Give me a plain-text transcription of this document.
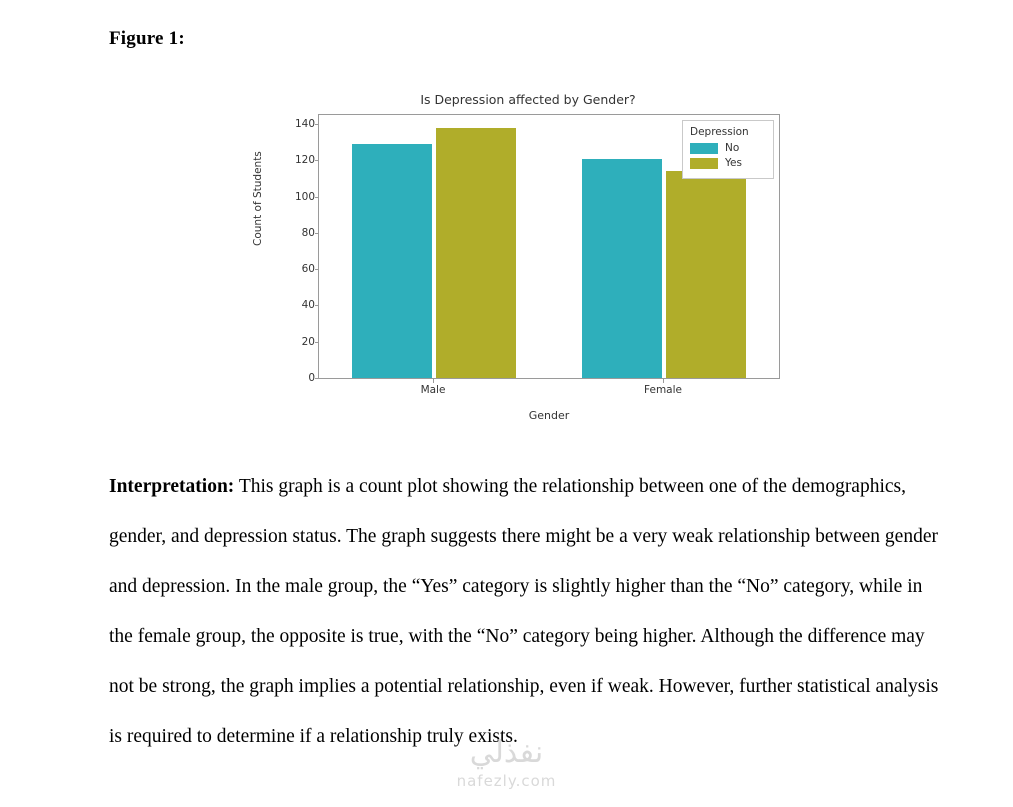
Figure 1:
Is Depression affected by Gender?
Count of Students
0
20
40
60
80
100
120
140
Male	Female
Gender
Depression
No
Yes
Interpretation: This graph is a count plot showing the relationship between one of the demographics, gender, and depression status. The graph suggests there might be a very weak relationship between gender and depression. In the male group, the “Yes” category is slightly higher than the “No” category, while in the female group, the opposite is true, with the “No” category being higher. Although the difference may not be strong, the graph implies a potential relationship, even if weak. However, further statistical analysis is required to determine if a relationship truly exists.
نفذلي
nafezly.com
